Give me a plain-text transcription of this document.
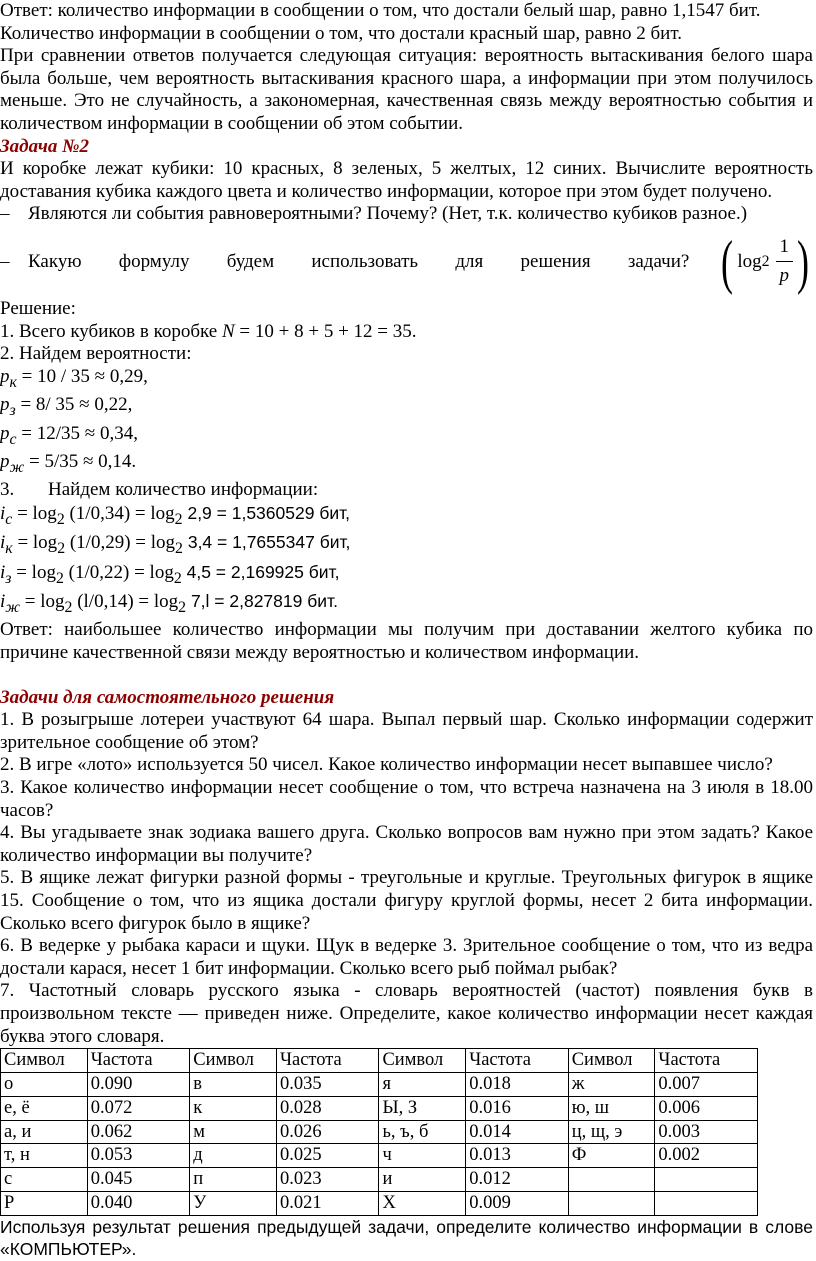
Ответ: количество информации в сообщении о том, что достали белый шар, равно 1,1547 бит.

Количество информации в сообщении о том, что достали красный шар, равно 2 бит.

При сравнении ответов получается следующая ситуация: вероятность вытаскивания белого шара была больше, чем вероятность вытаскивания красного шара, а информации при этом получилось меньше. Это не случайность, а закономерная, качественная связь между вероятностью события и количеством информации в сообщении об этом событии.

Задача №2

И коробке лежат кубики: 10 красных, 8 зеленых, 5 желтых, 12 синих. Вычислите вероятность доставания кубика каждого цвета и количество информации, которое при этом будет получено.

– Являются ли события равновероятными? Почему? (Нет, т.к. количество кубиков разное.)
– Какую формулу будем использовать для решения задачи? ( $\log 2 \frac{1}{p}$ )

Решение:

1. Всего кубиков в коробке N = 10 + 8 + 5 + 12 = 35.

2. Найдем вероятности:

$p_к = 10 / 35 \approx 0,29$,

$p_з = 8/$ 35 ≈ 0,22,

$p_с = 12/35 \approx 0,34$,

$p_ж = 5/35 \approx 0,14$.

3.	Найдем количество информации:

$i_с = \log_2 (1/0,34) = \log_2 2,9 = 1,5360529$ бит,

$i_к = \log_2 (1/0,29) = \log_2 3,4 = 1,7655347$ бит,

$i_з = \log_2 (1/0,22) = \log_2 4,5 = 2,169925$ бит,

$i_ж = \log_2 (l/0,14) = \log_2 7,l = 2,827819$ бит.

Ответ: наибольшее количество информации мы получим при доставании желтого кубика по причине качественной связи между вероятностью и количеством информации.

Задачи для самостоятельного решения

1. В розыгрыше лотереи участвуют 64 шара. Выпал первый шар. Сколько информации содержит зрительное сообщение об этом?

2. В игре «лото» используется 50 чисел. Какое количество информации несет выпавшее число?

3. Какое количество информации несет сообщение о том, что встреча назначена на 3 июля в 18.00 часов?

4. Вы угадываете знак зодиака вашего друга. Сколько вопросов вам нужно при этом задать? Какое количество информации вы получите?

5. В ящике лежат фигурки разной формы - треугольные и круглые. Треугольных фигурок в ящике 15. Сообщение о том, что из ящика достали фигуру круглой формы, несет 2 бита информации. Сколько всего фигурок было в ящике?

6. В ведерке у рыбака караси и щуки. Щук в ведерке 3. Зрительное сообщение о том, что из ведра достали карася, несет 1 бит информации. Сколько всего рыб поймал рыбак?

7. Частотный словарь русского языка - словарь вероятностей (частот) появления букв в произвольном тексте — приведен ниже. Определите, какое количество информации несет каждая буква этого словаря.

Символ	Частота	Символ	Частота	Символ	Частота	Символ	Частота
о	0.090	в	0.035	я	0.018	ж	0.007
е, ё	0.072	к	0.028	Ы, З	0.016	ю, ш	0.006
а, и	0.062	м	0.026	ь, ъ, б	0.014	ц, щ, э	0.003
т, н	0.053	д	0.025	ч	0.013	Ф	0.002
с	0.045	п	0.023	и	0.012		
Р	0.040	У	0.021	Х	0.009		

Используя результат решения предыдущей задачи, определите количество информации в слове «КОМПЬЮТЕР».
